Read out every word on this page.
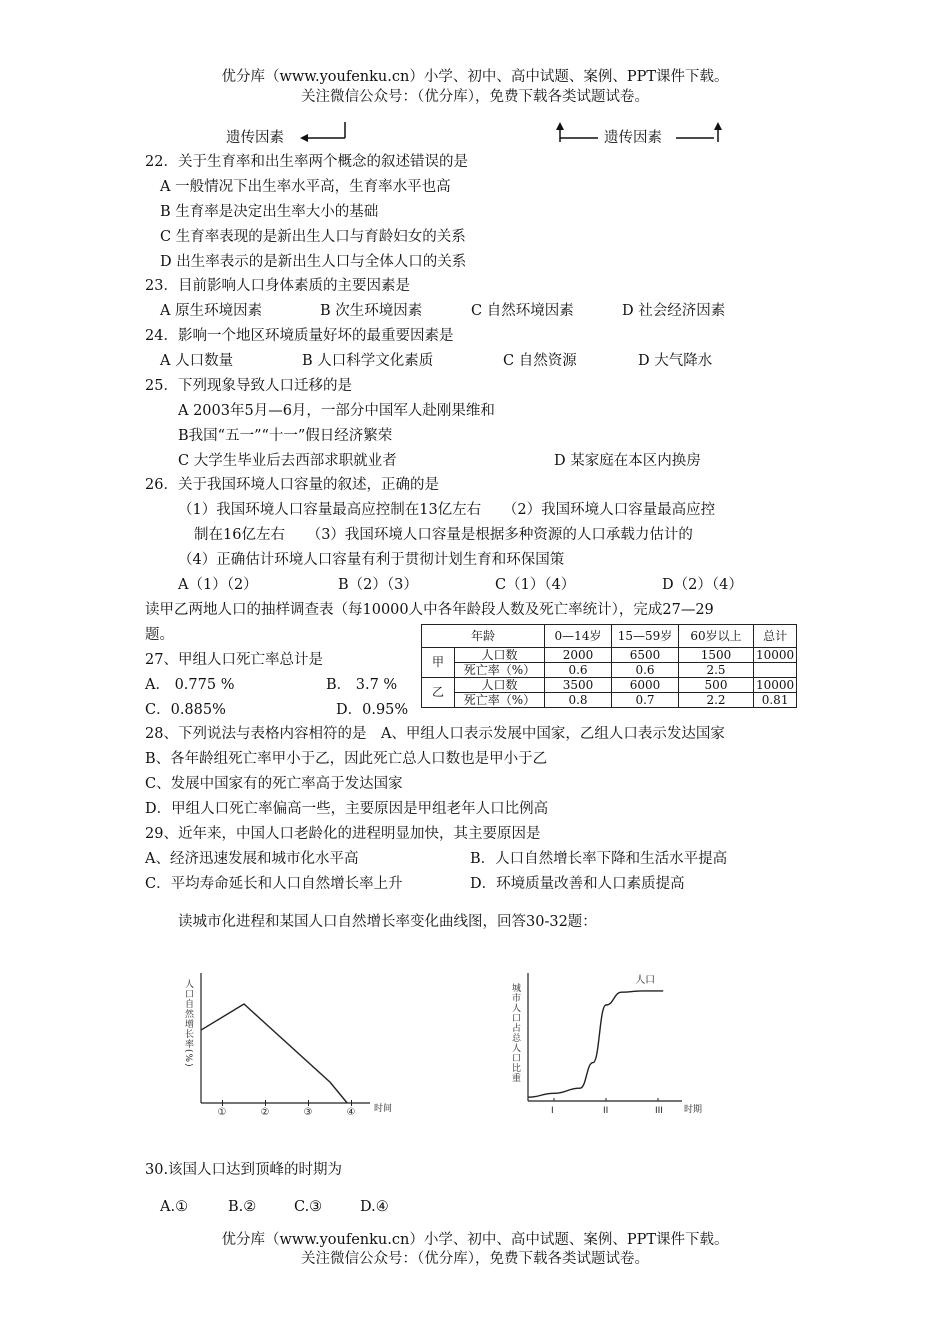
优分库（www.youfenku.cn）小学、初中、高中试题、案例、PPT课件下载。
关注微信公众号：（优分库），免费下载各类试题试卷。
遗传因素	遗传因素
22．关于生育率和出生率两个概念的叙述错误的是
A 一般情况下出生率水平高，生育率水平也高
B 生育率是决定出生率大小的基础
C 生育率表现的是新出生人口与育龄妇女的关系
D 出生率表示的是新出生人口与全体人口的关系
23．目前影响人口身体素质的主要因素是
A 原生环境因素	B 次生环境因素	C 自然环境因素	D 社会经济因素
24．影响一个地区环境质量好坏的最重要因素是
A 人口数量	B 人口科学文化素质	C 自然资源	D 大气降水
25．下列现象导致人口迁移的是
A 2003年5月—6月，一部分中国军人赴刚果维和
B我国“五一”“十一”假日经济繁荣
C 大学生毕业后去西部求职就业者	D 某家庭在本区内换房
26．关于我国环境人口容量的叙述，正确的是
（1）我国环境人口容量最高应控制在13亿左右　　（2）我国环境人口容量最高应控
制在16亿左右　　（3）我国环境人口容量是根据多种资源的人口承载力估计的
（4）正确估计环境人口容量有利于贯彻计划生育和环保国策
A（1）（2）	B（2）（3）	C（1）（4）	D（2）（4）
读甲乙两地人口的抽样调查表（每10000人中各年龄段人数及死亡率统计），完成27—29
题。	年龄		0—14岁	15—59岁	60岁以上	总计
甲	人口数	2000	6500	1500	10000
	死亡率（%）	0.6	0.6	2.5	
乙	人口数	3500	6000	500	10000
	死亡率（%）	0.8	0.7	2.2	0.81
27、甲组人口死亡率总计是
A． 0.775 %	B． 3.7 %
C．0.885%	D．0.95%
28、下列说法与表格内容相符的是　A、甲组人口表示发展中国家，乙组人口表示发达国家
B、各年龄组死亡率甲小于乙，因此死亡总人口数也是甲小于乙
C、发展中国家有的死亡率高于发达国家
D．甲组人口死亡率偏高一些，主要原因是甲组老年人口比例高
29、近年来，中国人口老龄化的进程明显加快，其主要原因是
A、经济迅速发展和城市化水平高	B．人口自然增长率下降和生活水平提高
C．平均寿命延长和人口自然增长率上升	D．环境质量改善和人口素质提高
读城市化进程和某国人口自然增长率变化曲线图，回答30-32题：
人口自然增长率(%)
①	②	③	④ 时间
城市人口占总人口比重
人口
I	II	III 时期
30.该国人口达到顶峰的时期为
A.①	B.②	C.③	D.④
优分库（www.youfenku.cn）小学、初中、高中试题、案例、PPT课件下载。
关注微信公众号：（优分库），免费下载各类试题试卷。
